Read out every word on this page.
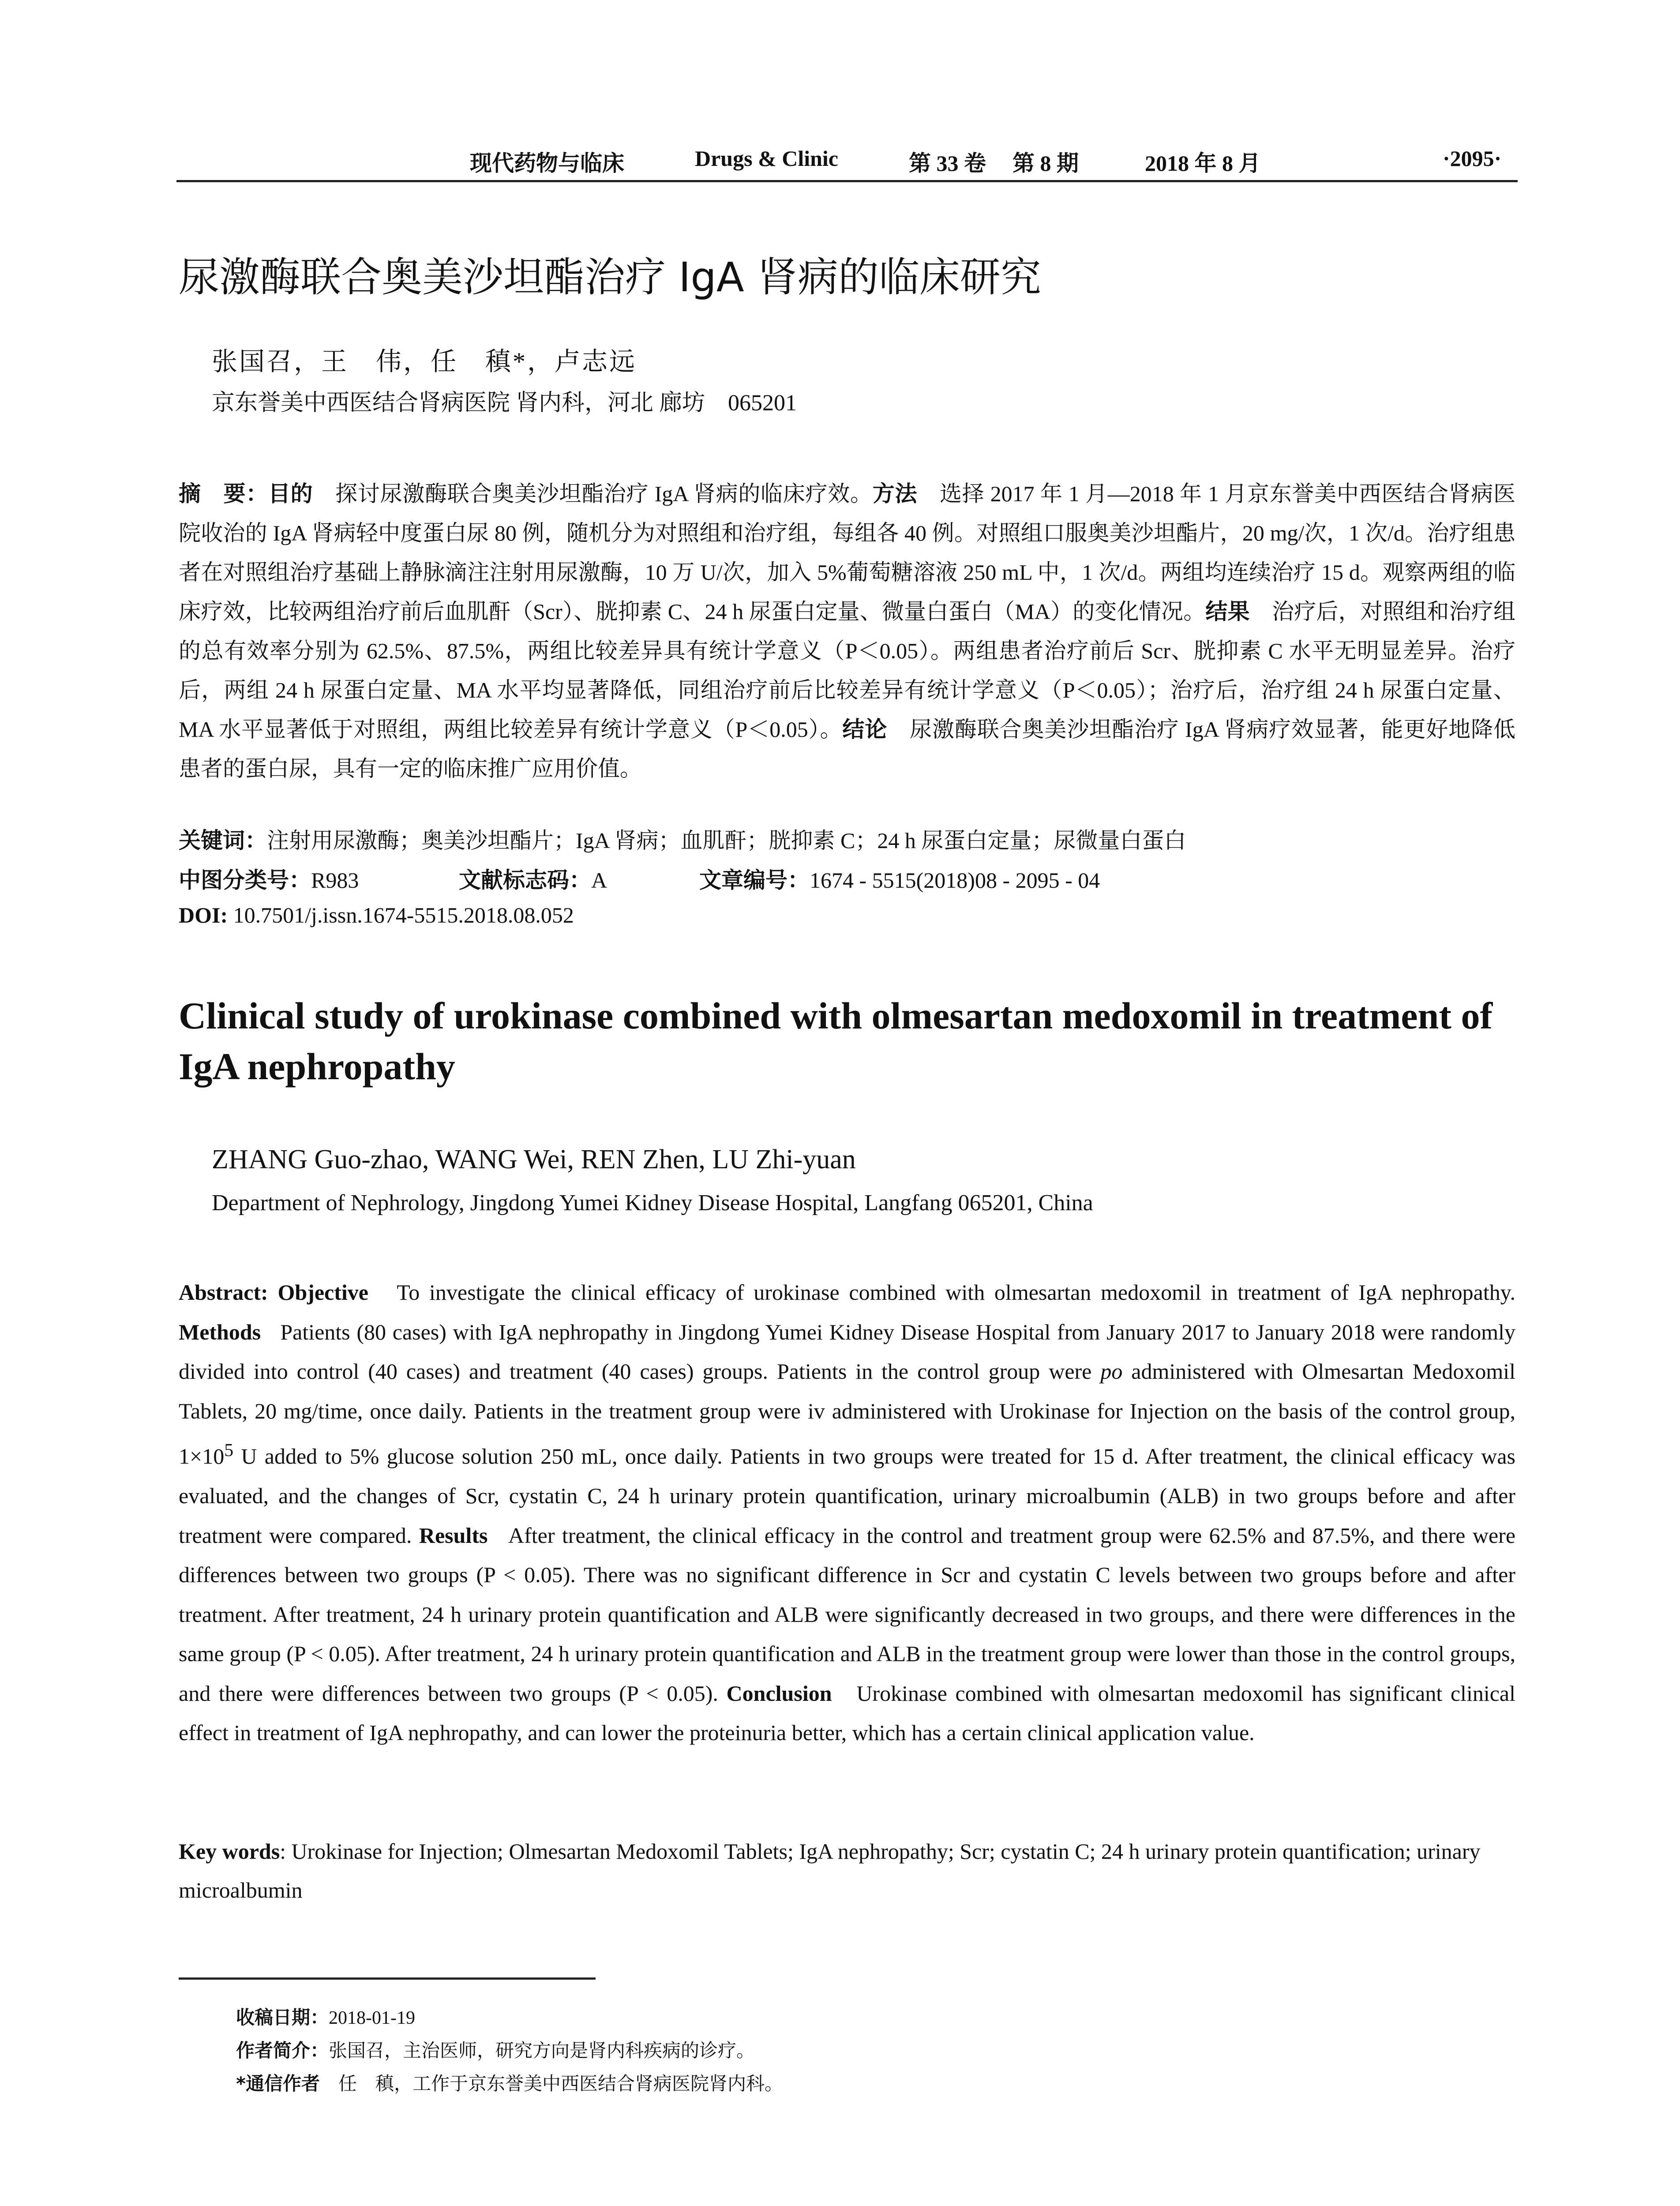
现代药物与临床	Drugs & Clinic	第 33 卷 第 8 期	2018 年 8 月	·2095·
尿激酶联合奥美沙坦酯治疗 IgA 肾病的临床研究
张国召，王　伟，任　稹*，卢志远
京东誉美中西医结合肾病医院 肾内科，河北 廊坊　065201
摘　要：目的　 探讨尿激酶联合奥美沙坦酯治疗 IgA 肾病的临床疗效。方法　 选择 2017 年 1 月—2018 年 1 月京东誉美中西医结合肾病医院收治的 IgA 肾病轻中度蛋白尿 80 例，随机分为对照组和治疗组，每组各 40 例。对照组口服奥美沙坦酯片，20 mg/次，1 次/d。治疗组患者在对照组治疗基础上静脉滴注注射用尿激酶，10 万 U/次，加入 5%葡萄糖溶液 250 mL 中，1 次/d。两组均连续治疗 15 d。观察两组的临床疗效，比较两组治疗前后血肌酐（Scr）、胱抑素 C、24 h 尿蛋白定量、微量白蛋白（MA）的变化情况。结果　 治疗后，对照组和治疗组的总有效率分别为 62.5%、87.5%，两组比较差异具有统计学意义（P＜0.05）。两组患者治疗前后 Scr、胱抑素 C 水平无明显差异。治疗后，两组 24 h 尿蛋白定量、MA 水平均显著降低，同组治疗前后比较差异有统计学意义（P＜0.05）；治疗后，治疗组 24 h 尿蛋白定量、MA 水平显著低于对照组，两组比较差异有统计学意义（P＜0.05）。结论　 尿激酶联合奥美沙坦酯治疗 IgA 肾病疗效显著，能更好地降低患者的蛋白尿，具有一定的临床推广应用价值。
关键词：注射用尿激酶；奥美沙坦酯片；IgA 肾病；血肌酐；胱抑素 C；24 h 尿蛋白定量；尿微量白蛋白
中图分类号：R983	文献标志码：A	文章编号：1674 - 5515(2018)08 - 2095 - 04
DOI: 10.7501/j.issn.1674-5515.2018.08.052
Clinical study of urokinase combined with olmesartan medoxomil in treatment of IgA nephropathy
ZHANG Guo-zhao, WANG Wei, REN Zhen, LU Zhi-yuan
Department of Nephrology, Jingdong Yumei Kidney Disease Hospital, Langfang 065201, China
Abstract: Objective To investigate the clinical efficacy of urokinase combined with olmesartan medoxomil in treatment of IgA nephropathy. Methods Patients (80 cases) with IgA nephropathy in Jingdong Yumei Kidney Disease Hospital from January 2017 to January 2018 were randomly divided into control (40 cases) and treatment (40 cases) groups. Patients in the control group were po administered with Olmesartan Medoxomil Tablets, 20 mg/time, once daily. Patients in the treatment group were iv administered with Urokinase for Injection on the basis of the control group, $1\times 10^5$ U added to 5% glucose solution 250 mL, once daily. Patients in two groups were treated for 15 d. After treatment, the clinical efficacy was evaluated, and the changes of Scr, cystatin C, 24 h urinary protein quantification, urinary microalbumin (ALB) in two groups before and after treatment were compared. Results After treatment, the clinical efficacy in the control and treatment group were 62.5% and 87.5%, and there were differences between two groups (P < 0.05). There was no significant difference in Scr and cystatin C levels between two groups before and after treatment. After treatment, 24 h urinary protein quantification and ALB were significantly decreased in two groups, and there were differences in the same group (P < 0.05). After treatment, 24 h urinary protein quantification and ALB in the treatment group were lower than those in the control groups, and there were differences between two groups (P < 0.05). Conclusion Urokinase combined with olmesartan medoxomil has significant clinical effect in treatment of IgA nephropathy, and can lower the proteinuria better, which has a certain clinical application value.
Key words: Urokinase for Injection; Olmesartan Medoxomil Tablets; IgA nephropathy; Scr; cystatin C; 24 h urinary protein quantification; urinary microalbumin
收稿日期：2018-01-19
作者简介：张国召，主治医师，研究方向是肾内科疾病的诊疗。
*通信作者　任　稹，工作于京东誉美中西医结合肾病医院肾内科。
